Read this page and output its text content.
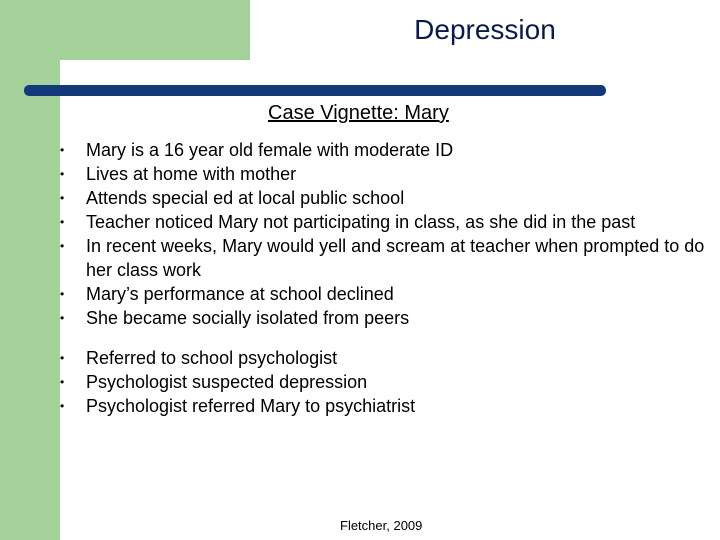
Depression
Case Vignette: Mary
•	Mary is a 16 year old female with moderate ID
•	Lives at home with mother
•	Attends special ed at local public school
•	Teacher noticed Mary not participating in class, as she did in the past
•	In recent weeks, Mary would yell and scream at teacher when prompted to do her class work
•	Mary’s performance at school declined
•	She became socially isolated from peers
•	Referred to school psychologist
•	Psychologist suspected depression
•	Psychologist referred Mary to psychiatrist
Fletcher, 2009
